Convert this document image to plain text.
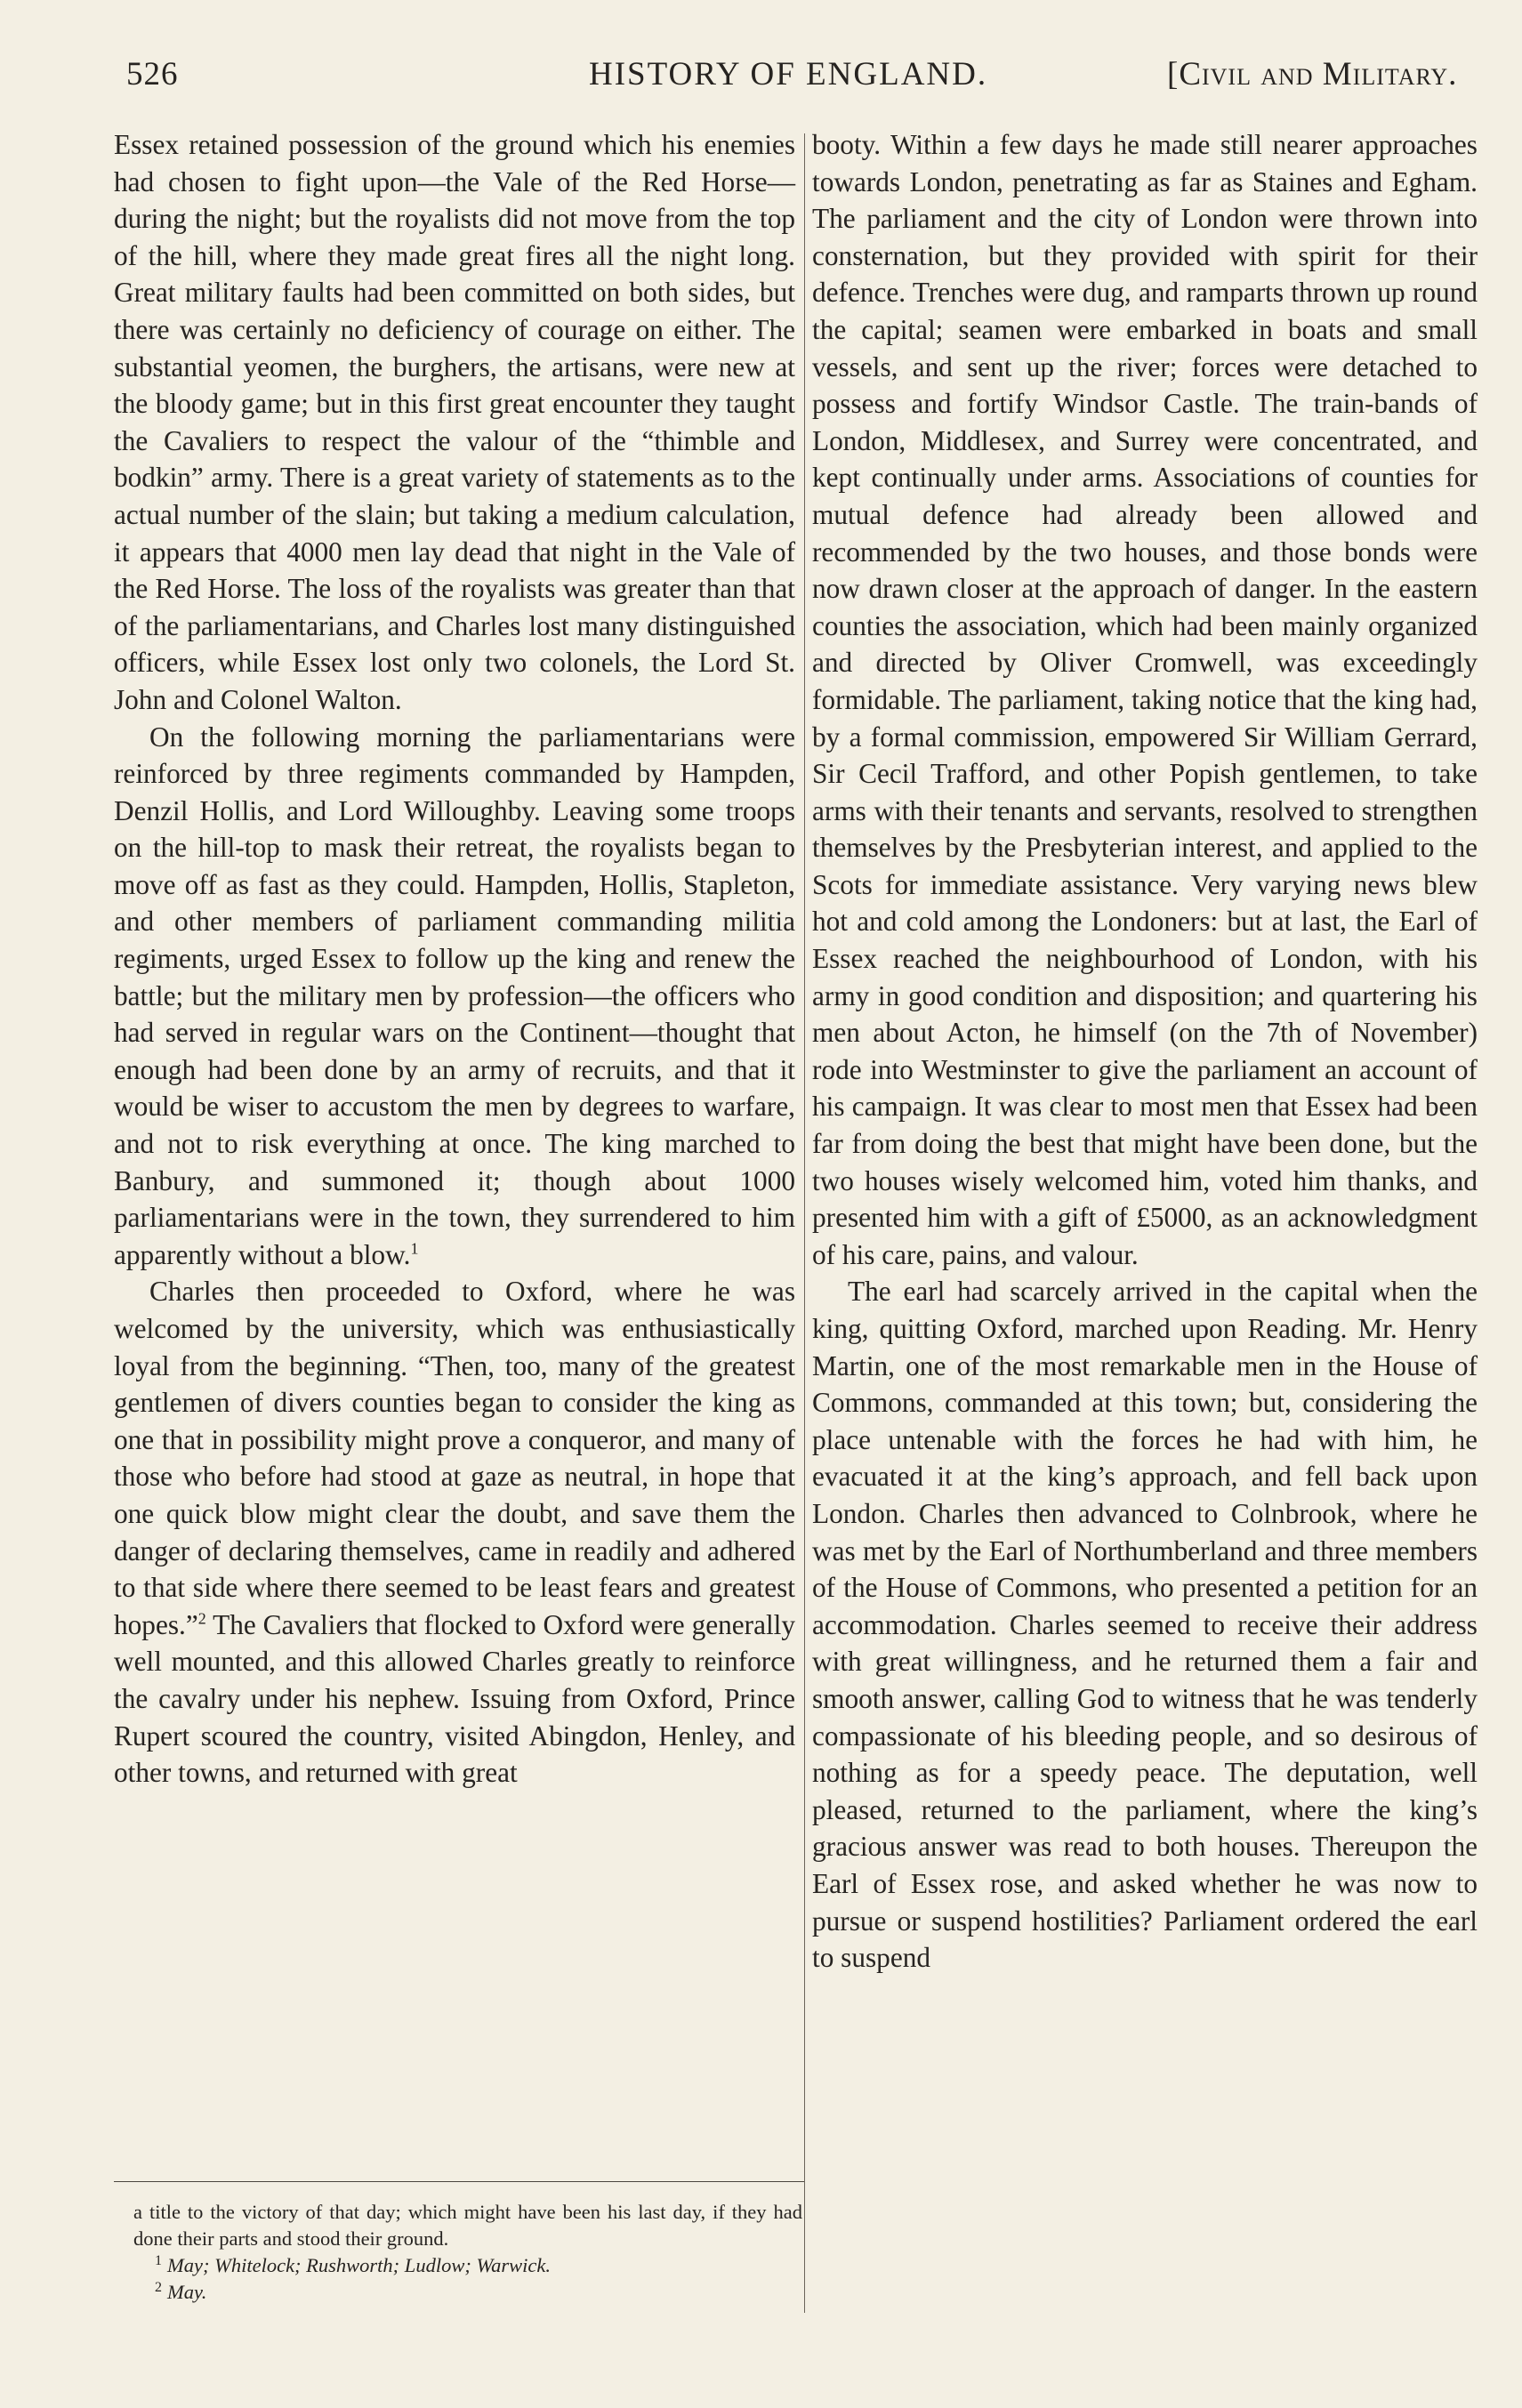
526	HISTORY OF ENGLAND.	[Civil and Military.

Essex retained possession of the ground which his enemies had chosen to fight upon—the Vale of the Red Horse—during the night; but the royalists did not move from the top of the hill, where they made great fires all the night long. Great military faults had been committed on both sides, but there was certainly no deficiency of courage on either. The substantial yeomen, the burghers, the artisans, were new at the bloody game; but in this first great encounter they taught the Cavaliers to respect the valour of the “thimble and bodkin” army. There is a great variety of statements as to the actual number of the slain; but taking a medium calculation, it appears that 4000 men lay dead that night in the Vale of the Red Horse. The loss of the royalists was greater than that of the parliamentarians, and Charles lost many distinguished officers, while Essex lost only two colonels, the Lord St. John and Colonel Walton.

On the following morning the parliamentarians were reinforced by three regiments commanded by Hampden, Denzil Hollis, and Lord Willoughby. Leaving some troops on the hill-top to mask their retreat, the royalists began to move off as fast as they could. Hampden, Hollis, Stapleton, and other members of parliament commanding militia regiments, urged Essex to follow up the king and renew the battle; but the military men by profession—the officers who had served in regular wars on the Continent—thought that enough had been done by an army of recruits, and that it would be wiser to accustom the men by degrees to warfare, and not to risk everything at once. The king marched to Banbury, and summoned it; though about 1000 parliamentarians were in the town, they surrendered to him apparently without a blow.$^1$

Charles then proceeded to Oxford, where he was welcomed by the university, which was enthusiastically loyal from the beginning. “Then, too, many of the greatest gentlemen of divers counties began to consider the king as one that in possibility might prove a conqueror, and many of those who before had stood at gaze as neutral, in hope that one quick blow might clear the doubt, and save them the danger of declaring themselves, came in readily and adhered to that side where there seemed to be least fears and greatest hopes.”$^2$ The Cavaliers that flocked to Oxford were generally well mounted, and this allowed Charles greatly to reinforce the cavalry under his nephew. Issuing from Oxford, Prince Rupert scoured the country, visited Abingdon, Henley, and other towns, and returned with great

booty. Within a few days he made still nearer approaches towards London, penetrating as far as Staines and Egham. The parliament and the city of London were thrown into consternation, but they provided with spirit for their defence. Trenches were dug, and ramparts thrown up round the capital; seamen were embarked in boats and small vessels, and sent up the river; forces were detached to possess and fortify Windsor Castle. The train-bands of London, Middlesex, and Surrey were concentrated, and kept continually under arms. Associations of counties for mutual defence had already been allowed and recommended by the two houses, and those bonds were now drawn closer at the approach of danger. In the eastern counties the association, which had been mainly organized and directed by Oliver Cromwell, was exceedingly formidable. The parliament, taking notice that the king had, by a formal commission, empowered Sir William Gerrard, Sir Cecil Trafford, and other Popish gentlemen, to take arms with their tenants and servants, resolved to strengthen themselves by the Presbyterian interest, and applied to the Scots for immediate assistance. Very varying news blew hot and cold among the Londoners: but at last, the Earl of Essex reached the neighbourhood of London, with his army in good condition and disposition; and quartering his men about Acton, he himself (on the 7th of November) rode into Westminster to give the parliament an account of his campaign. It was clear to most men that Essex had been far from doing the best that might have been done, but the two houses wisely welcomed him, voted him thanks, and presented him with a gift of £5000, as an acknowledgment of his care, pains, and valour.

The earl had scarcely arrived in the capital when the king, quitting Oxford, marched upon Reading. Mr. Henry Martin, one of the most remarkable men in the House of Commons, commanded at this town; but, considering the place untenable with the forces he had with him, he evacuated it at the king’s approach, and fell back upon London. Charles then advanced to Colnbrook, where he was met by the Earl of Northumberland and three members of the House of Commons, who presented a petition for an accommodation. Charles seemed to receive their address with great willingness, and he returned them a fair and smooth answer, calling God to witness that he was tenderly compassionate of his bleeding people, and so desirous of nothing as for a speedy peace. The deputation, well pleased, returned to the parliament, where the king’s gracious answer was read to both houses. Thereupon the Earl of Essex rose, and asked whether he was now to pursue or suspend hostilities? Parliament ordered the earl to suspend

a title to the victory of that day; which might have been his last day, if they had done their parts and stood their ground.

$^1$ May; Whitelock; Rushworth; Ludlow; Warwick.

$^2$ May.
